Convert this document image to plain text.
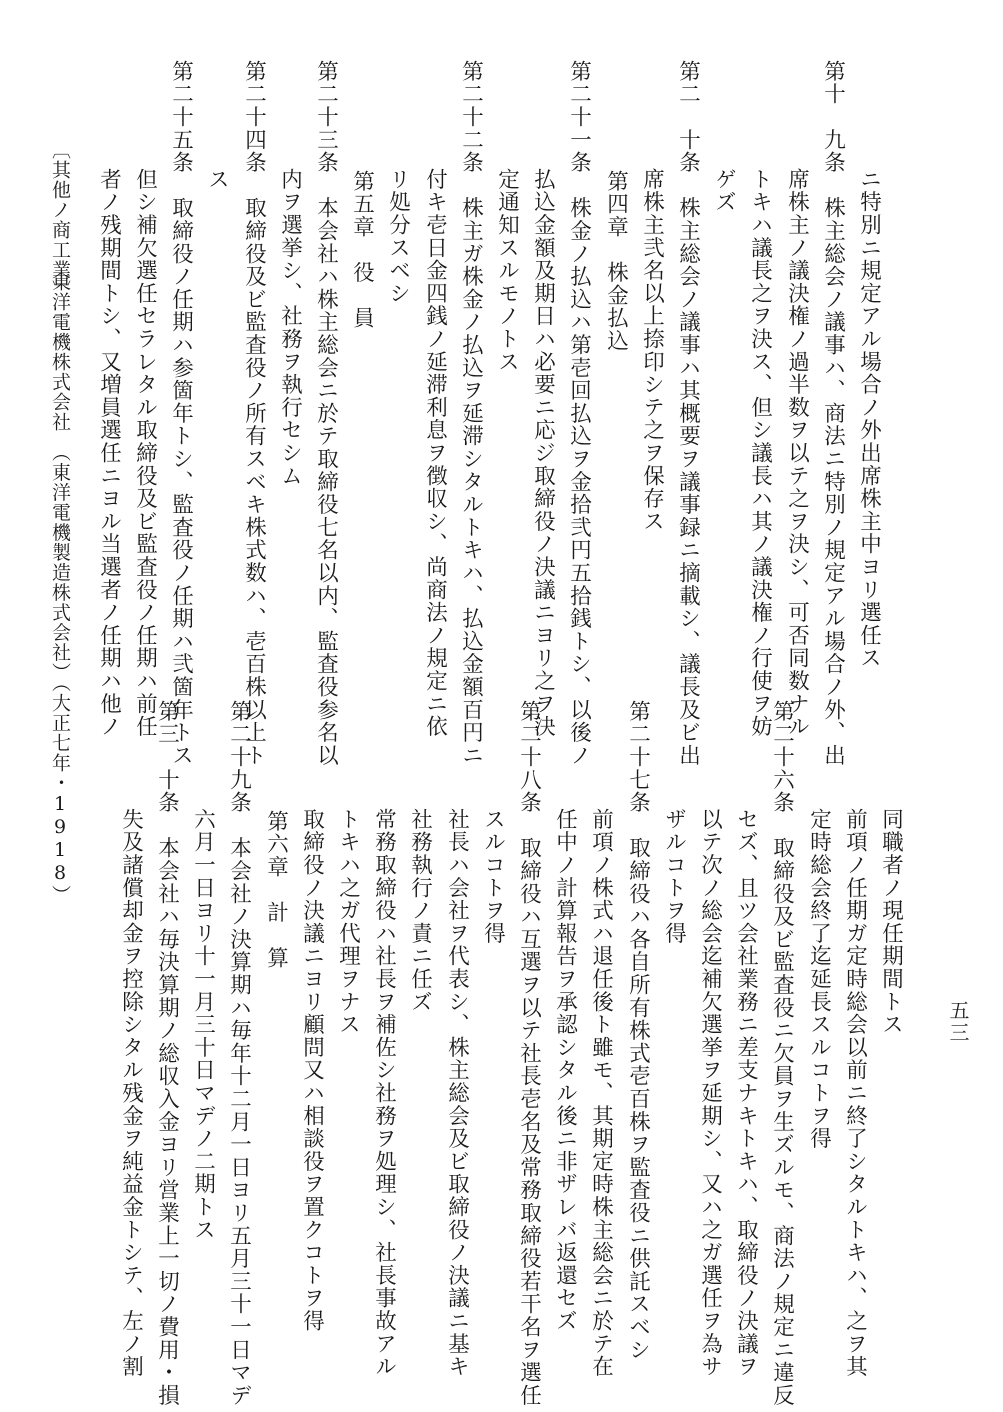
ニ特別ニ規定アル場合ノ外出席株主中ヨリ選任ス
第十　九条　株主総会ノ議事ハ、商法ニ特別ノ規定アル場合ノ外、出
席株主ノ議決権ノ過半数ヲ以テ之ヲ決シ、可否同数ナル
トキハ議長之ヲ決ス、但シ議長ハ其ノ議決権ノ行使ヲ妨
ゲズ
第二　十条　株主総会ノ議事ハ其概要ヲ議事録ニ摘載シ、議長及ビ出
席株主弐名以上捺印シテ之ヲ保存ス
第四章　株金払込
第二十一条　株金ノ払込ハ第壱回払込ヲ金拾弐円五拾銭トシ、以後ノ
払込金額及期日ハ必要ニ応ジ取締役ノ決議ニヨリ之ヲ決
定通知スルモノトス
第二十二条　株主ガ株金ノ払込ヲ延滞シタルトキハ、払込金額百円ニ
付キ壱日金四銭ノ延滞利息ヲ徴収シ、尚商法ノ規定ニ依
リ処分スベシ
第五章　役　員
第二十三条　本会社ハ株主総会ニ於テ取締役七名以内、監査役参名以
内ヲ選挙シ、社務ヲ執行セシム
第二十四条　取締役及ビ監査役ノ所有スベキ株式数ハ、壱百株以上ト
ス
第二十五条　取締役ノ任期ハ参箇年トシ、監査役ノ任期ハ弐箇年トス
但シ補欠選任セラレタル取締役及ビ監査役ノ任期ハ前任
者ノ残期間トシ、又増員選任ニヨル当選者ノ任期ハ他ノ
同職者ノ現任期間トス
前項ノ任期ガ定時総会以前ニ終了シタルトキハ、之ヲ其
定時総会終了迄延長スルコトヲ得
第二十六条　取締役及ビ監査役ニ欠員ヲ生ズルモ、商法ノ規定ニ違反
セズ、且ツ会社業務ニ差支ナキトキハ、取締役ノ決議ヲ
以テ次ノ総会迄補欠選挙ヲ延期シ、又ハ之ガ選任ヲ為サ
ザルコトヲ得
第二十七条　取締役ハ各自所有株式壱百株ヲ監査役ニ供託スベシ
前項ノ株式ハ退任後ト雖モ、其期定時株主総会ニ於テ在
任中ノ計算報告ヲ承認シタル後ニ非ザレバ返還セズ
第二十八条　取締役ハ互選ヲ以テ社長壱名及常務取締役若干名ヲ選任
スルコトヲ得
社長ハ会社ヲ代表シ、株主総会及ビ取締役ノ決議ニ基キ
社務執行ノ責ニ任ズ
常務取締役ハ社長ヲ補佐シ社務ヲ処理シ、社長事故アル
トキハ之ガ代理ヲナス
取締役ノ決議ニヨリ顧問又ハ相談役ヲ置クコトヲ得
第六章　計　算
第二十九条　本会社ノ決算期ハ毎年十二月一日ヨリ五月三十一日マデ
六月一日ヨリ十一月三十日マデノ二期トス
第三　十条　本会社ハ毎決算期ノ総収入金ヨリ営業上一切ノ費用・損
失及諸償却金ヲ控除シタル残金ヲ純益金トシテ、左ノ割
〔其他ノ商工業〕
東洋電機株式会社　（東洋電機製造株式会社）（大正七年・1918）
五三
